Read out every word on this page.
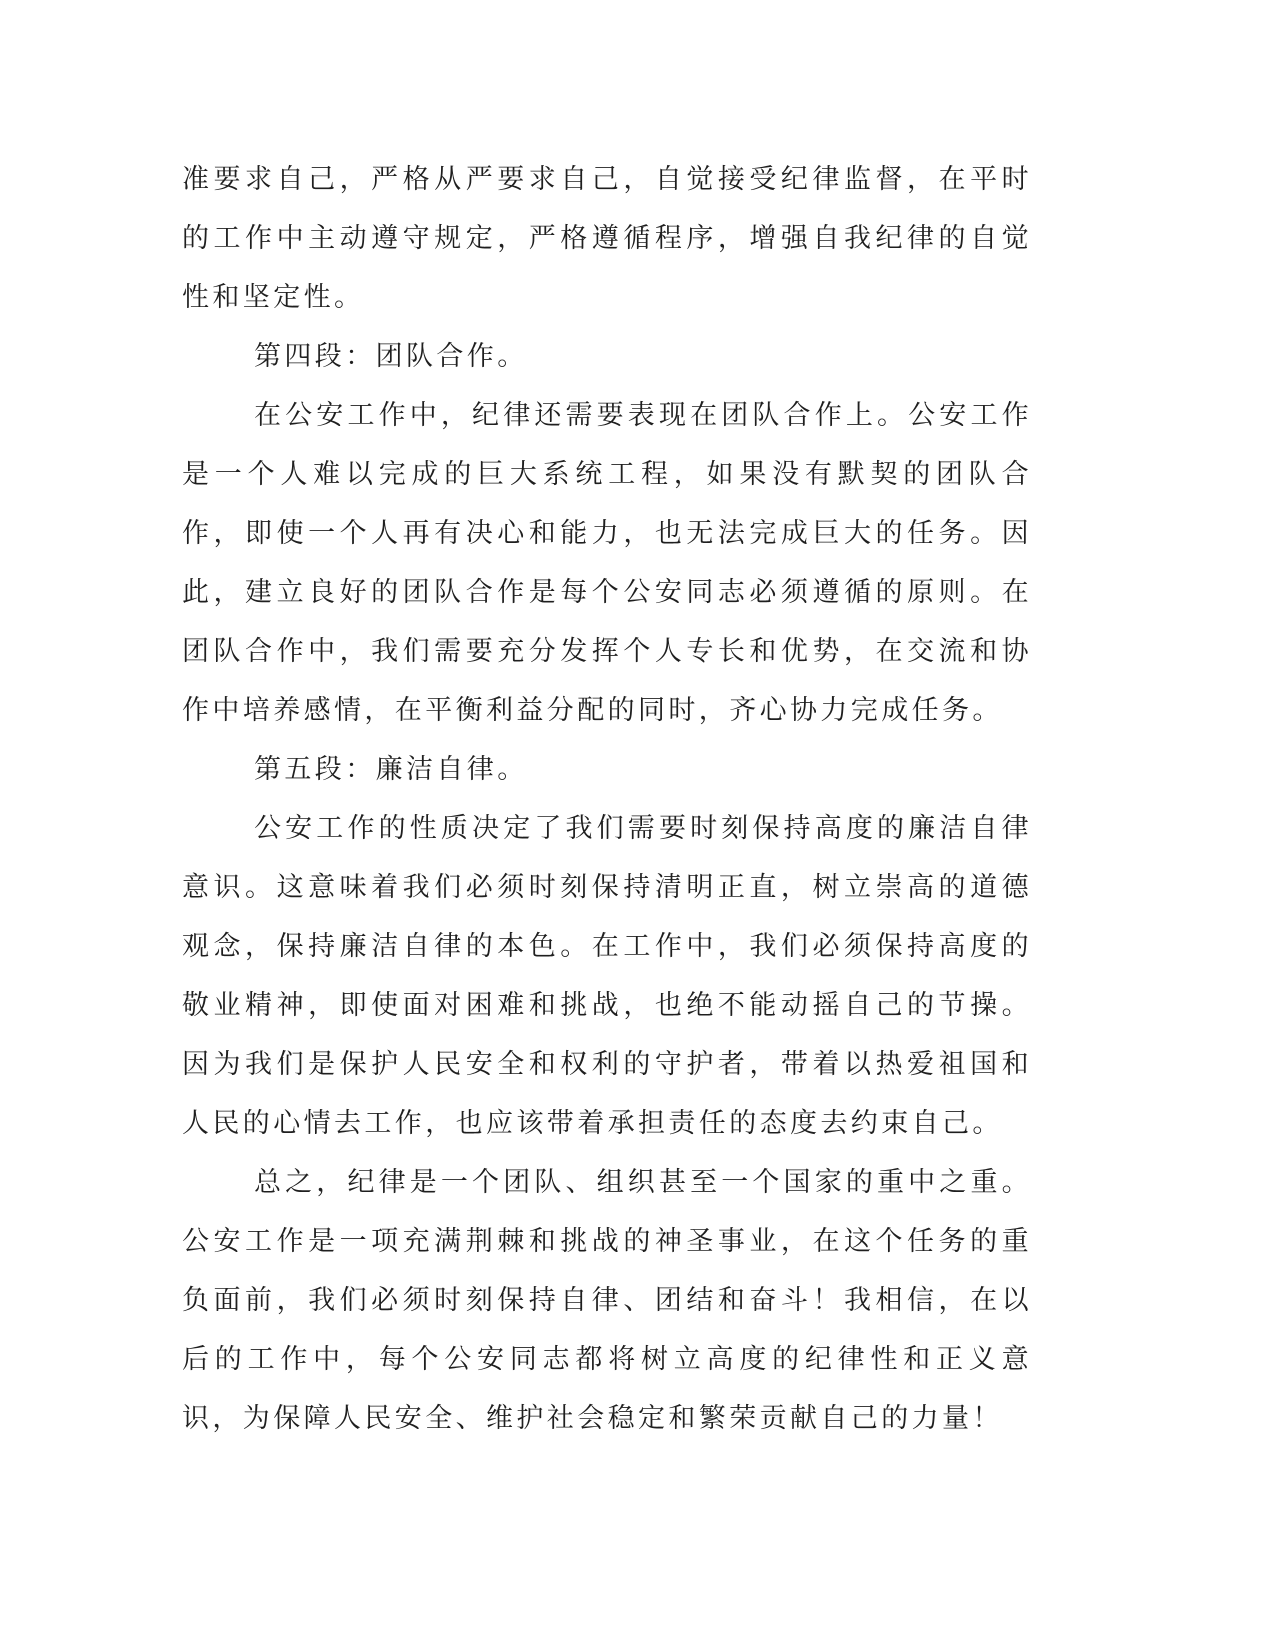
准要求自己，严格从严要求自己，自觉接受纪律监督，在平时的工作中主动遵守规定，严格遵循程序，增强自我纪律的自觉性和坚定性。

第四段：团队合作。

在公安工作中，纪律还需要表现在团队合作上。公安工作是一个人难以完成的巨大系统工程，如果没有默契的团队合作，即使一个人再有决心和能力，也无法完成巨大的任务。因此，建立良好的团队合作是每个公安同志必须遵循的原则。在团队合作中，我们需要充分发挥个人专长和优势，在交流和协作中培养感情，在平衡利益分配的同时，齐心协力完成任务。

第五段：廉洁自律。

公安工作的性质决定了我们需要时刻保持高度的廉洁自律意识。这意味着我们必须时刻保持清明正直，树立崇高的道德观念，保持廉洁自律的本色。在工作中，我们必须保持高度的敬业精神，即使面对困难和挑战，也绝不能动摇自己的节操。因为我们是保护人民安全和权利的守护者，带着以热爱祖国和人民的心情去工作，也应该带着承担责任的态度去约束自己。

总之，纪律是一个团队、组织甚至一个国家的重中之重。公安工作是一项充满荆棘和挑战的神圣事业，在这个任务的重负面前，我们必须时刻保持自律、团结和奋斗！我相信，在以后的工作中，每个公安同志都将树立高度的纪律性和正义意识，为保障人民安全、维护社会稳定和繁荣贡献自己的力量！
